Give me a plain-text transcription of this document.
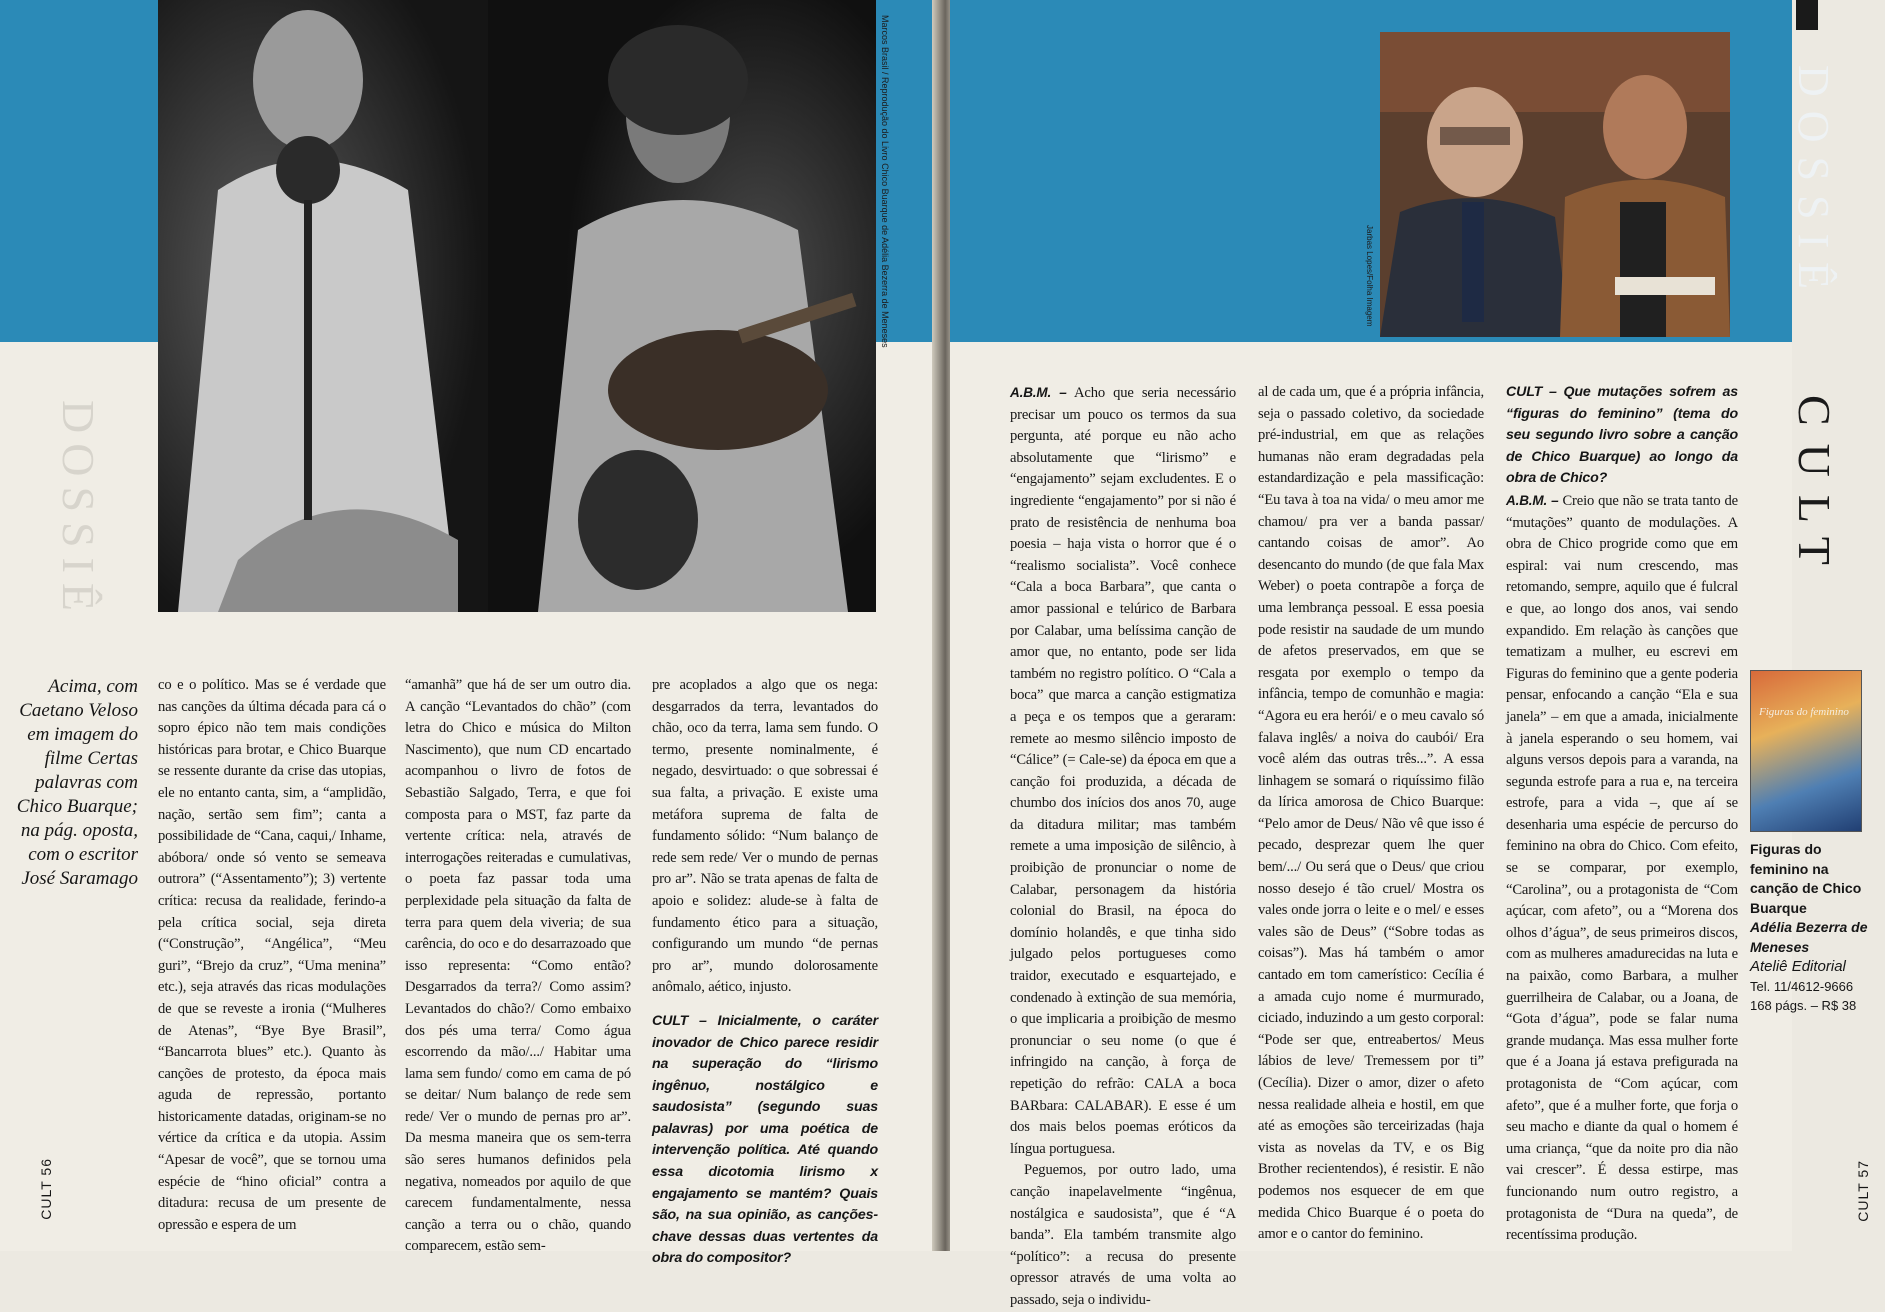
Marcos Brasil / Reprodução do Livro Chico Buarque de Adélia Bezerra de Meneses
DOSSIÊ
Acima, com Caetano Veloso em imagem do filme Certas palavras com Chico Buarque; na pág. oposta, com o escritor José Saramago

co e o político. Mas se é verdade que nas canções da última década para cá o sopro épico não tem mais condições históricas para brotar, e Chico Buarque se ressente durante da crise das utopias, ele no entanto canta, sim, a “amplidão, nação, sertão sem fim”; canta a possibilidade de “Cana, caqui,/ Inhame, abóbora/ onde só vento se semeava outrora” (“Assentamento”); 3) vertente crítica: recusa da realidade, ferindo-a pela crítica social, seja direta (“Construção”, “Angélica”, “Meu guri”, “Brejo da cruz”, “Uma menina” etc.), seja através das ricas modulações de que se reveste a ironia (“Mulheres de Atenas”, “Bye Bye Brasil”, “Bancarrota blues” etc.). Quanto às canções de protesto, da época mais aguda de repressão, portanto historicamente datadas, originam-se no vértice da crítica e da utopia. Assim “Apesar de você”, que se tornou uma espécie de “hino oficial” contra a ditadura: recusa de um presente de opressão e espera de um

“amanhã” que há de ser um outro dia. A canção “Levantados do chão” (com letra do Chico e música do Milton Nascimento), que num CD encartado acompanhou o livro de fotos de Sebastião Salgado, Terra, e que foi composta para o MST, faz parte da vertente crítica: nela, através de interrogações reiteradas e cumulativas, o poeta faz passar toda uma perplexidade pela situação da falta de terra para quem dela viveria; de sua carência, do oco e do desarrazoado que isso representa: “Como então? Desgarrados da terra?/ Como assim? Levantados do chão?/ Como embaixo dos pés uma terra/ Como água escorrendo da mão/.../ Habitar uma lama sem fundo/ como em cama de pó se deitar/ Num balanço de rede sem rede/ Ver o mundo de pernas pro ar”. Da mesma maneira que os sem-terra são seres humanos definidos pela negativa, nomeados por aquilo de que carecem fundamentalmente, nessa canção a terra ou o chão, quando comparecem, estão sem-

pre acoplados a algo que os nega: desgarrados da terra, levantados do chão, oco da terra, lama sem fundo. O termo, presente nominalmente, é negado, desvirtuado: o que sobressai é sua falta, a privação. E existe uma metáfora suprema de falta de fundamento sólido: “Num balanço de rede sem rede/ Ver o mundo de pernas pro ar”. Não se trata apenas de falta de apoio e solidez: alude-se à falta de fundamento ético para a situação, configurando um mundo “de pernas pro ar”, mundo dolorosamente anômalo, aético, injusto.

CULT – Inicialmente, o caráter inovador de Chico parece residir na superação do “lirismo ingênuo, nostálgico e saudosista” (segundo suas palavras) por uma poética de intervenção política. Até quando essa dicotomia lirismo x engajamento se mantém? Quais são, na sua opinião, as canções-chave dessas duas vertentes da obra do compositor?

CULT 56
Jarbas Lopes/Folha Imagem	DOSSIÊ
CULT

A.B.M. – Acho que seria necessário precisar um pouco os termos da sua pergunta, até porque eu não acho absolutamente que “lirismo” e “engajamento” sejam excludentes. E o ingrediente “engajamento” por si não é prato de resistência de nenhuma boa poesia – haja vista o horror que é o “realismo socialista”. Você conhece “Cala a boca Barbara”, que canta o amor passional e telúrico de Barbara por Calabar, uma belíssima canção de amor que, no entanto, pode ser lida também no registro político. O “Cala a boca” que marca a canção estigmatiza a peça e os tempos que a geraram: remete ao mesmo silêncio imposto de “Cálice” (= Cale-se) da época em que a canção foi produzida, a década de chumbo dos inícios dos anos 70, auge da ditadura militar; mas também remete a uma imposição de silêncio, à proibição de pronunciar o nome de Calabar, personagem da história colonial do Brasil, na época do domínio holandês, e que tinha sido julgado pelos portugueses como traidor, executado e esquartejado, e condenado à extinção de sua memória, o que implicaria a proibição de mesmo pronunciar o seu nome (o que é infringido na canção, à força de repetição do refrão: CALA a boca BARbara: CALABAR). E esse é um dos mais belos poemas eróticos da língua portuguesa.

Peguemos, por outro lado, uma canção inapelavelmente “ingênua, nostálgica e saudosista”, que é “A banda”. Ela também transmite algo “político”: a recusa do presente opressor através de uma volta ao passado, seja o individu-

al de cada um, que é a própria infância, seja o passado coletivo, da sociedade pré-industrial, em que as relações humanas não eram degradadas pela estandardização e pela massificação: “Eu tava à toa na vida/ o meu amor me chamou/ pra ver a banda passar/ cantando coisas de amor”. Ao desencanto do mundo (de que fala Max Weber) o poeta contrapõe a força de uma lembrança pessoal. E essa poesia pode resistir na saudade de um mundo de afetos preservados, em que se resgata por exemplo o tempo da infância, tempo de comunhão e magia: “Agora eu era herói/ e o meu cavalo só falava inglês/ a noiva do caubói/ Era você além das outras três...”. A essa linhagem se somará o riquíssimo filão da lírica amorosa de Chico Buarque: “Pelo amor de Deus/ Não vê que isso é pecado, desprezar quem lhe quer bem/.../ Ou será que o Deus/ que criou nosso desejo é tão cruel/ Mostra os vales onde jorra o leite e o mel/ e esses vales são de Deus” (“Sobre todas as coisas”). Mas há também o amor cantado em tom camerístico: Cecília é a amada cujo nome é murmurado, ciciado, induzindo a um gesto corporal: “Pode ser que, entreabertos/ Meus lábios de leve/ Tremessem por ti” (Cecília). Dizer o amor, dizer o afeto nessa realidade alheia e hostil, em que até as emoções são terceirizadas (haja vista as novelas da TV, e os Big Brother recientendos), é resistir. E não podemos nos esquecer de em que medida Chico Buarque é o poeta do amor e o cantor do feminino.

CULT – Que mutações sofrem as “figuras do feminino” (tema do seu segundo livro sobre a canção de Chico Buarque) ao longo da obra de Chico?

A.B.M. – Creio que não se trata tanto de “mutações” quanto de modulações. A obra de Chico progride como que em espiral: vai num crescendo, mas retomando, sempre, aquilo que é fulcral e que, ao longo dos anos, vai sendo expandido. Em relação às canções que tematizam a mulher, eu escrevi em Figuras do feminino que a gente poderia pensar, enfocando a canção “Ela e sua janela” – em que a amada, inicialmente à janela esperando o seu homem, vai alguns versos depois para a varanda, na segunda estrofe para a rua e, na terceira estrofe, para a vida –, que aí se desenharia uma espécie de percurso do feminino na obra do Chico. Com efeito, se se comparar, por exemplo, “Carolina”, ou a protagonista de “Com açúcar, com afeto”, ou a “Morena dos olhos d’água”, de seus primeiros discos, com as mulheres amadurecidas na luta e na paixão, como Barbara, a mulher guerrilheira de Calabar, ou a Joana, de “Gota d’água”, pode se falar numa grande mudança. Mas essa mulher forte que é a Joana já estava prefigurada na protagonista de “Com açúcar, com afeto”, que é a mulher forte, que forja o seu macho e diante da qual o homem é uma criança, “que da noite pro dia não vai crescer”. É dessa estirpe, mas funcionando num outro registro, a protagonista de “Dura na queda”, de recentíssima produção.

CULT 57
Figuras do feminino
Figuras do feminino na canção de Chico Buarque
Adélia Bezerra de Meneses
Ateliê Editorial
Tel. 11/4612-9666
168 págs. – R$ 38
